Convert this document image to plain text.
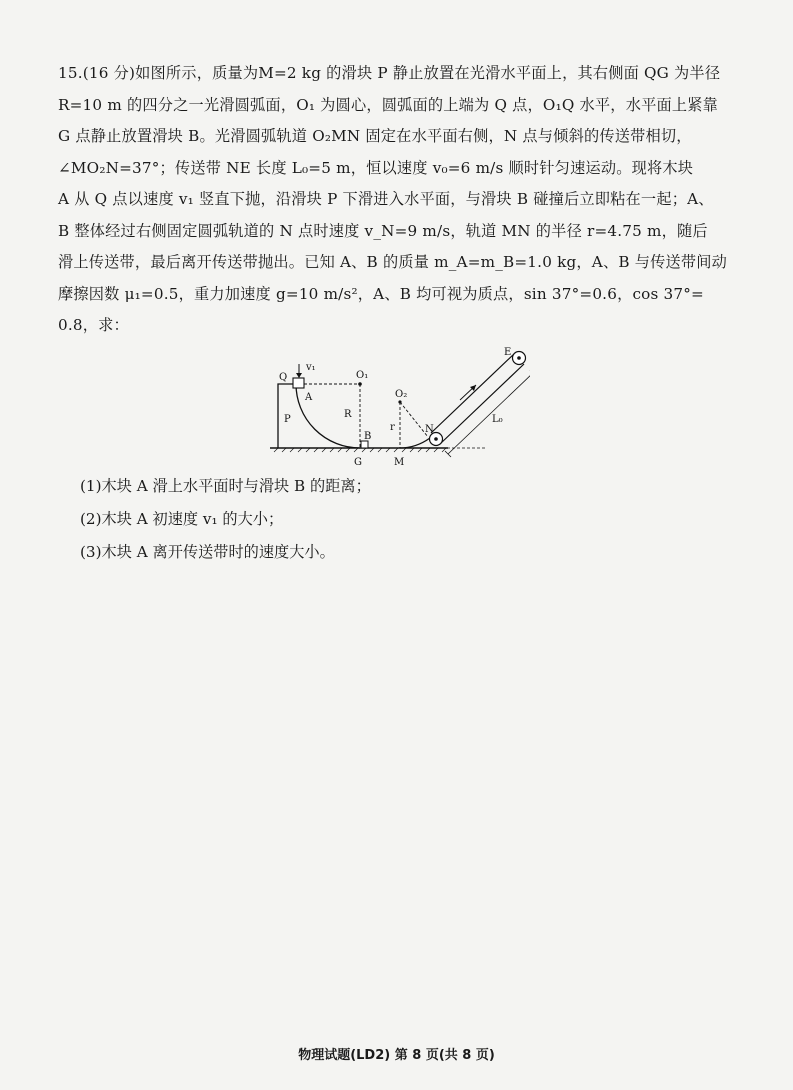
15.(16 分)如图所示，质量为M=2 kg 的滑块 P 静止放置在光滑水平面上，其右侧面 QG 为半径
R=10 m 的四分之一光滑圆弧面，O₁ 为圆心，圆弧面的上端为 Q 点，O₁Q 水平，水平面上紧靠
G 点静止放置滑块 B。光滑圆弧轨道 O₂MN 固定在水平面右侧，N 点与倾斜的传送带相切，
∠MO₂N=37°；传送带 NE 长度 L₀=5 m，恒以速度 v₀=6 m/s 顺时针匀速运动。现将木块
A 从 Q 点以速度 v₁ 竖直下抛，沿滑块 P 下滑进入水平面，与滑块 B 碰撞后立即粘在一起；A、
B 整体经过右侧固定圆弧轨道的 N 点时速度 v_N=9 m/s，轨道 MN 的半径 r=4.75 m，随后
滑上传送带，最后离开传送带抛出。已知 A、B 的质量 m_A=m_B=1.0 kg，A、B 与传送带间动
摩擦因数 μ₁=0.5，重力加速度 g=10 m/s²，A、B 均可视为质点，sin 37°=0.6，cos 37°=
0.8，求：
Q
v₁
O₁
A
P	R
B
G	M
O₂
r	N
E
L₀
(1)木块 A 滑上水平面时与滑块 B 的距离；
(2)木块 A 初速度 v₁ 的大小；
(3)木块 A 离开传送带时的速度大小。
物理试题(LD2) 第 8 页(共 8 页)
